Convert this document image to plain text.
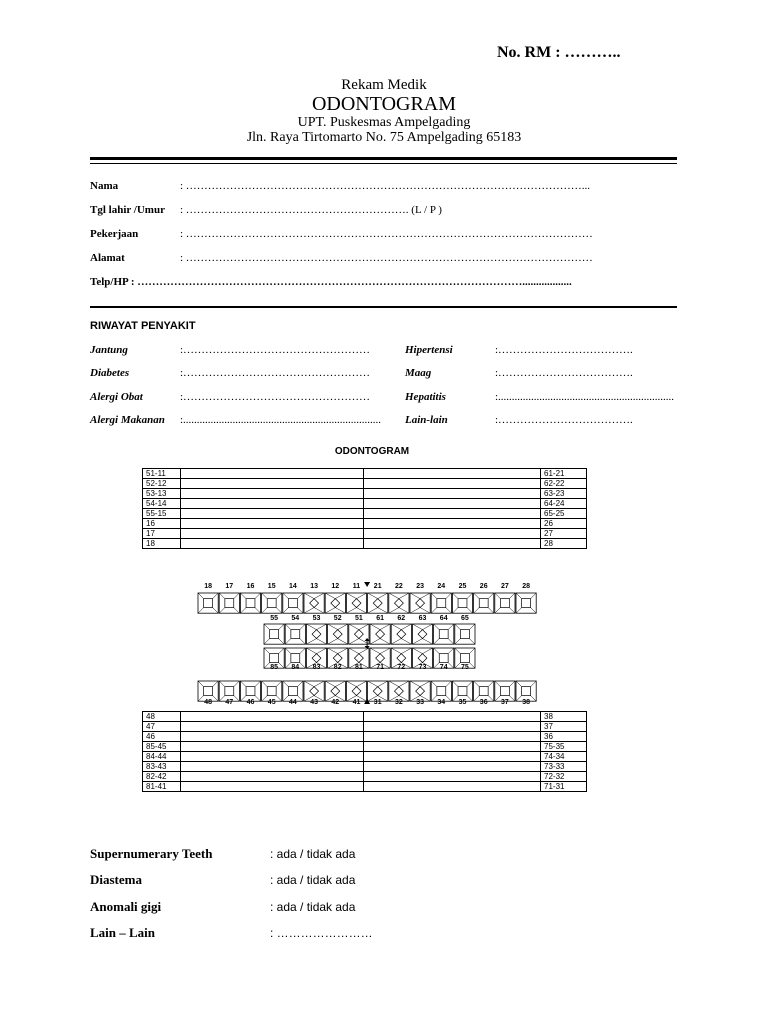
No. RM : ………..
Rekam Medik
ODONTOGRAM
UPT. Puskesmas Ampelgading
Jln. Raya Tirtomarto No. 75 Ampelgading 65183
Nama	: ………………………………………………………………………………………………...
Tgl lahir /Umur : ……………………………………………………. (L / P )
Pekerjaan	: …………………………………………………………………………………………………
Alamat	: …………………………………………………………………………………………………
Telp/HP : ……………………………………………………………………………………………..................
RIWAYAT PENYAKIT
Jantung	:……………………………………………
Diabetes	:……………………………………………
Alergi Obat	:……………………………………………
Alergi Makanan :........................................................................
Hipertensi	:……………………………….
Maag	:……………………………….
Hepatitis	:................................................................
Lain-lain	:……………………………….
ODONTOGRAM
51-11			61-21
52-12			62-22
53-13			63-23
54-14			64-24
55-15			65-25
16			26
17			27
18			28
18 17 16 15 14 13 12 11 21 22 23 24 25 26 27 28
55 54 53 52 51 61 62 63 64 65
85 84 83 82 81 71 72 73 74 75
48 47 46 45 44 43 42 41 31 32 33 34 35 36 37 38
48			38
47			37
46			36
85-45			75-35
84-44			74-34
83-43			73-33
82-42			72-32
81-41			71-31
Supernumerary Teeth	: ada / tidak ada
Diastema	: ada / tidak ada
Anomali gigi	: ada / tidak ada
Lain – Lain	: ……………………
